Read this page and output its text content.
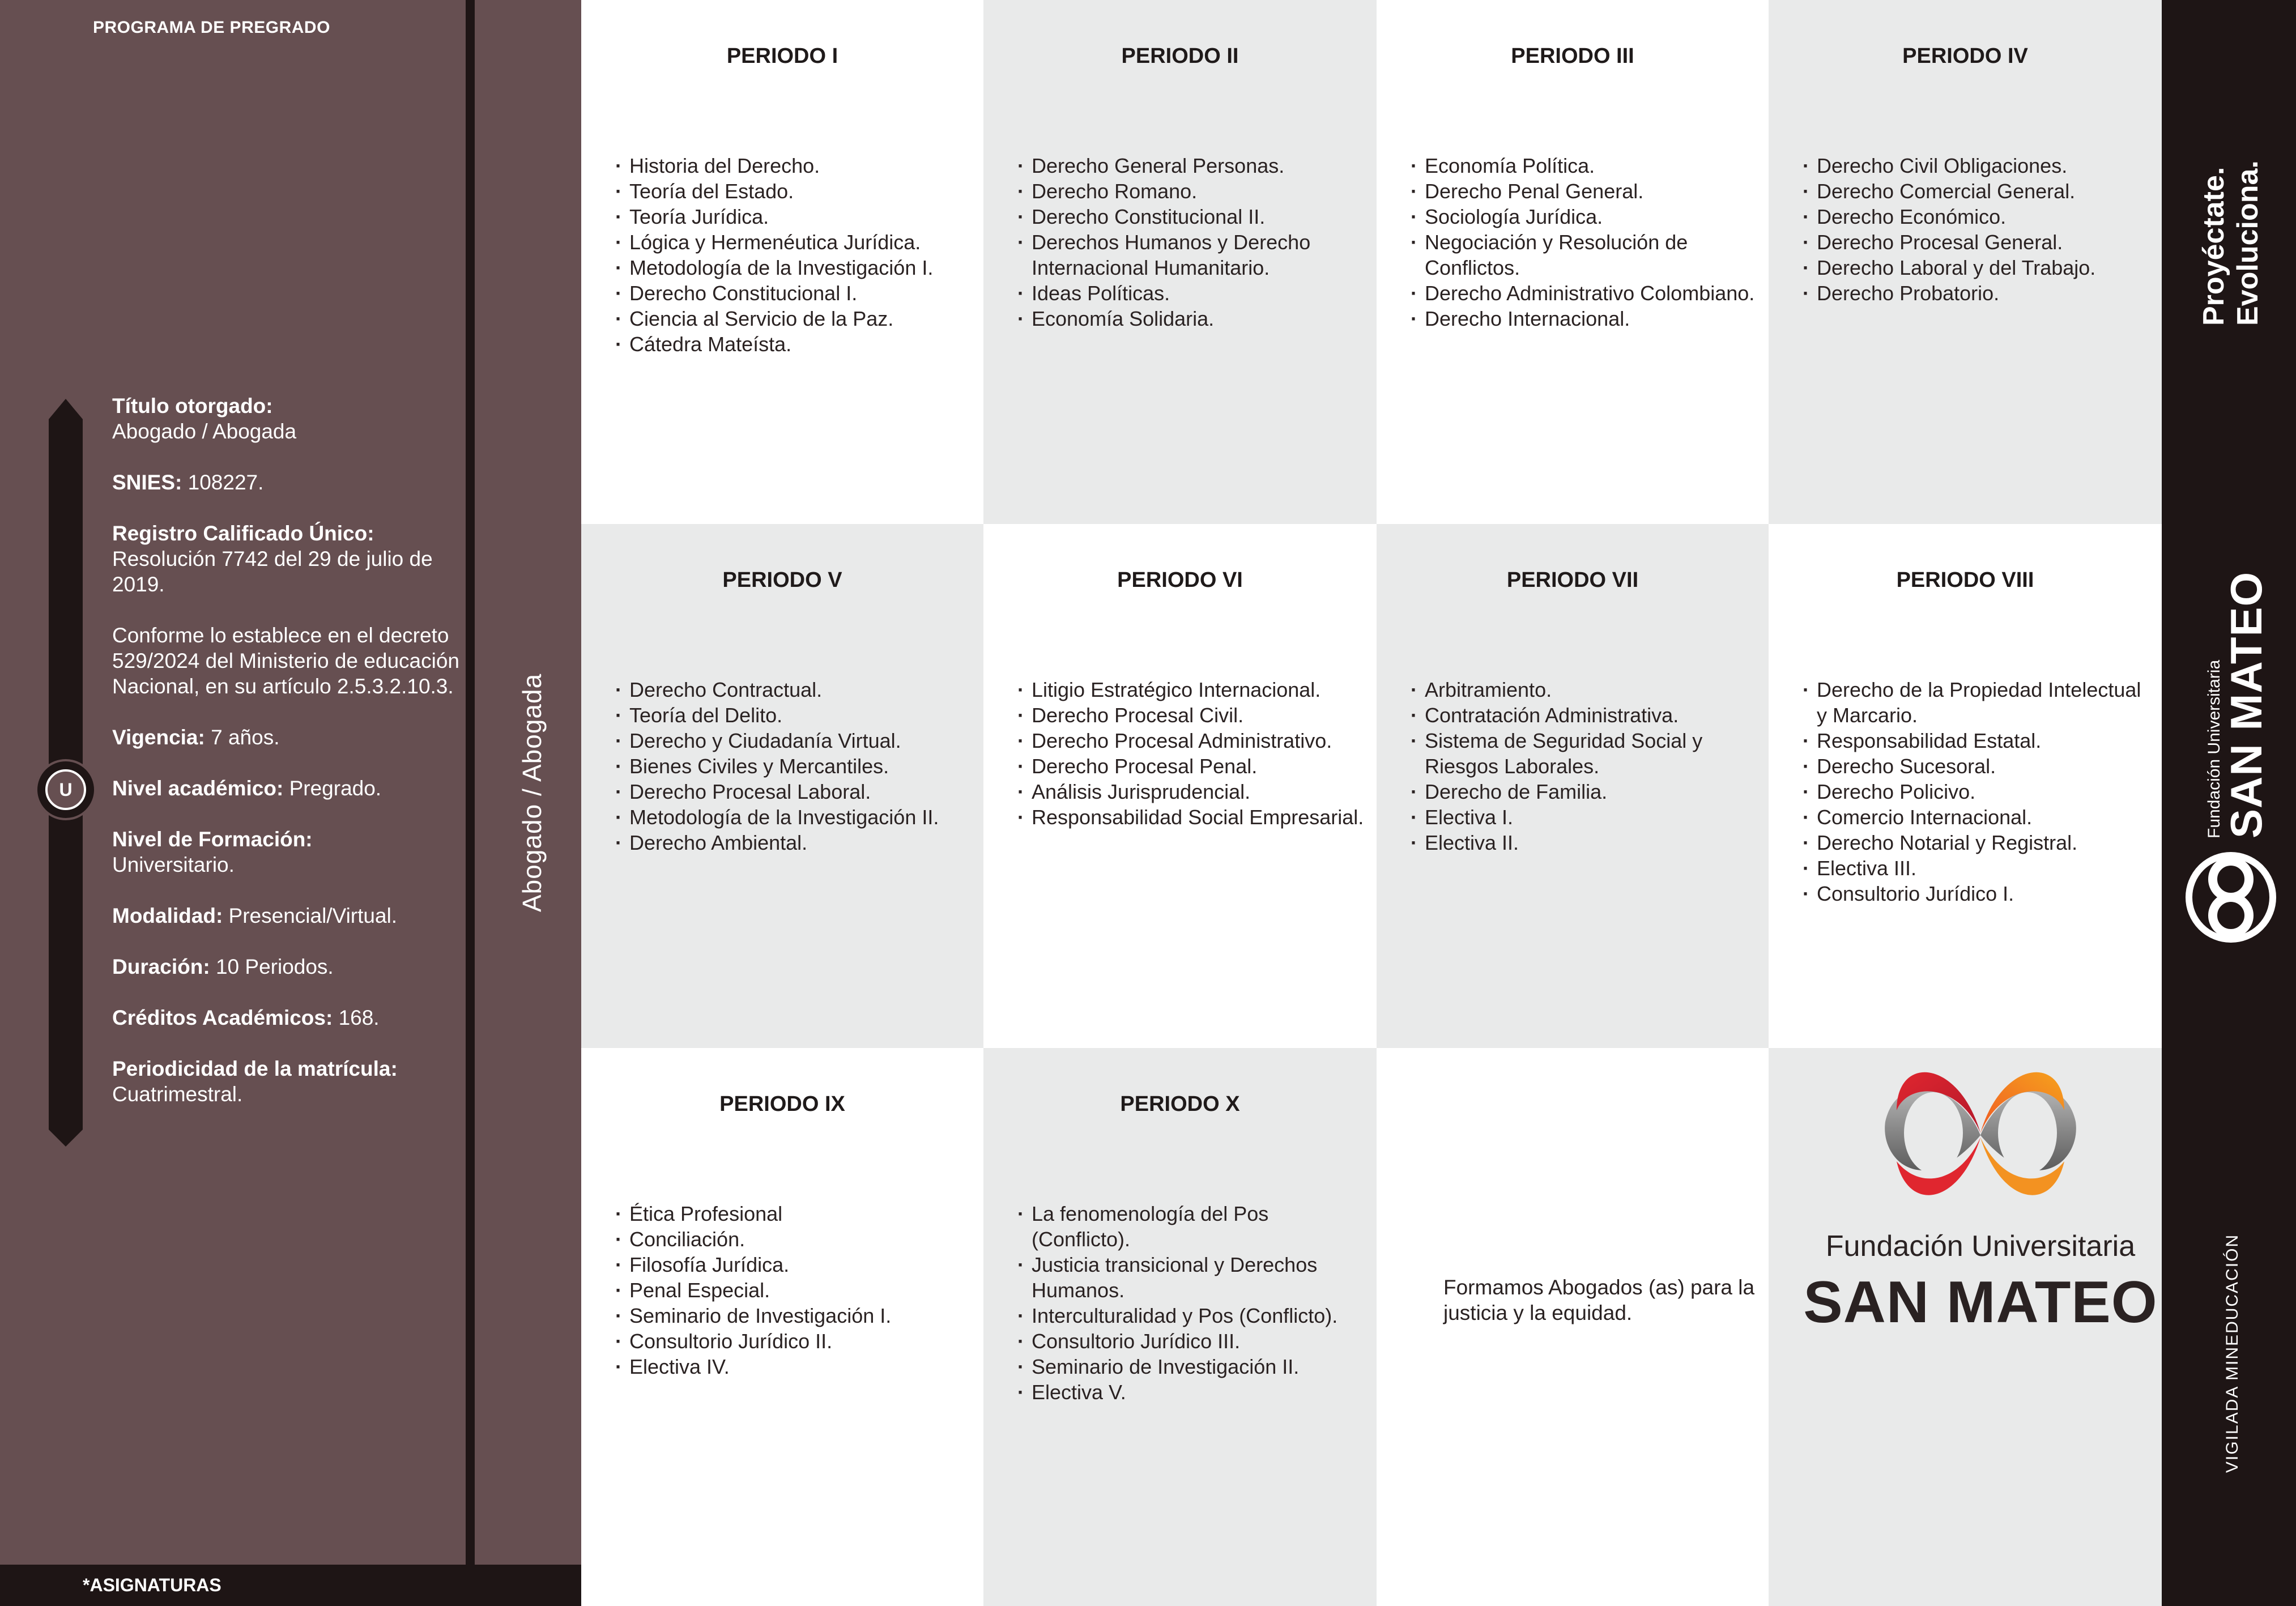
PROGRAMA DE PREGRADO
Abogado / Abogada
U
Título otorgado:
Abogado / Abogada
SNIES: 108227.
Registro Calificado Único:
Resolución 7742 del 29 de julio de 2019.
Conforme lo establece en el decreto 529/2024 del Ministerio de educación Nacional, en su artículo 2.5.3.2.10.3.
Vigencia: 7 años.
Nivel académico: Pregrado.
Nivel de Formación:
Universitario.
Modalidad: Presencial/Virtual.
Duración: 10 Periodos.
Créditos Académicos: 168.
Periodicidad de la matrícula:
Cuatrimestral.
*ASIGNATURAS
PERIODO I
· Historia del Derecho.
· Teoría del Estado.
· Teoría Jurídica.
· Lógica y Hermenéutica Jurídica.
· Metodología de la Investigación I.
· Derecho Constitucional I.
· Ciencia al Servicio de la Paz.
· Cátedra Mateísta.
PERIODO II
· Derecho General Personas.
· Derecho Romano.
· Derecho Constitucional II.
· Derechos Humanos y Derecho Internacional Humanitario.
· Ideas Políticas.
· Economía Solidaria.
PERIODO III
· Economía Política.
· Derecho Penal General.
· Sociología Jurídica.
· Negociación y Resolución de Conflictos.
· Derecho Administrativo Colombiano.
· Derecho Internacional.
PERIODO IV
· Derecho Civil Obligaciones.
· Derecho Comercial General.
· Derecho Económico.
· Derecho Procesal General.
· Derecho Laboral y del Trabajo.
· Derecho Probatorio.
PERIODO V
· Derecho Contractual.
· Teoría del Delito.
· Derecho y Ciudadanía Virtual.
· Bienes Civiles y Mercantiles.
· Derecho Procesal Laboral.
· Metodología de la Investigación II.
· Derecho Ambiental.
PERIODO VI
· Litigio Estratégico Internacional.
· Derecho Procesal Civil.
· Derecho Procesal Administrativo.
· Derecho Procesal Penal.
· Análisis Jurisprudencial.
· Responsabilidad Social Empresarial.
PERIODO VII
· Arbitramiento.
· Contratación Administrativa.
· Sistema de Seguridad Social y Riesgos Laborales.
· Derecho de Familia.
· Electiva I.
· Electiva II.
PERIODO VIII
· Derecho de la Propiedad Intelectual y Marcario.
· Responsabilidad Estatal.
· Derecho Sucesoral.
· Derecho Policivo.
· Comercio Internacional.
· Derecho Notarial y Registral.
· Electiva III.
· Consultorio Jurídico I.
PERIODO IX
· Ética Profesional
· Conciliación.
· Filosofía Jurídica.
· Penal Especial.
· Seminario de Investigación I.
· Consultorio Jurídico II.
· Electiva IV.
PERIODO X
· La fenomenología del Pos (Conflicto).
· Justicia transicional y Derechos Humanos.
· Interculturalidad y Pos (Conflicto).
· Consultorio Jurídico III.
· Seminario de Investigación II.
· Electiva V.
Formamos Abogados (as) para la justicia y la equidad.
Fundación Universitaria
SAN MATEO
Proyéctate. Evoluciona.
Fundación Universitaria
SAN MATEO
VIGILADA MINEDUCACIÓN
